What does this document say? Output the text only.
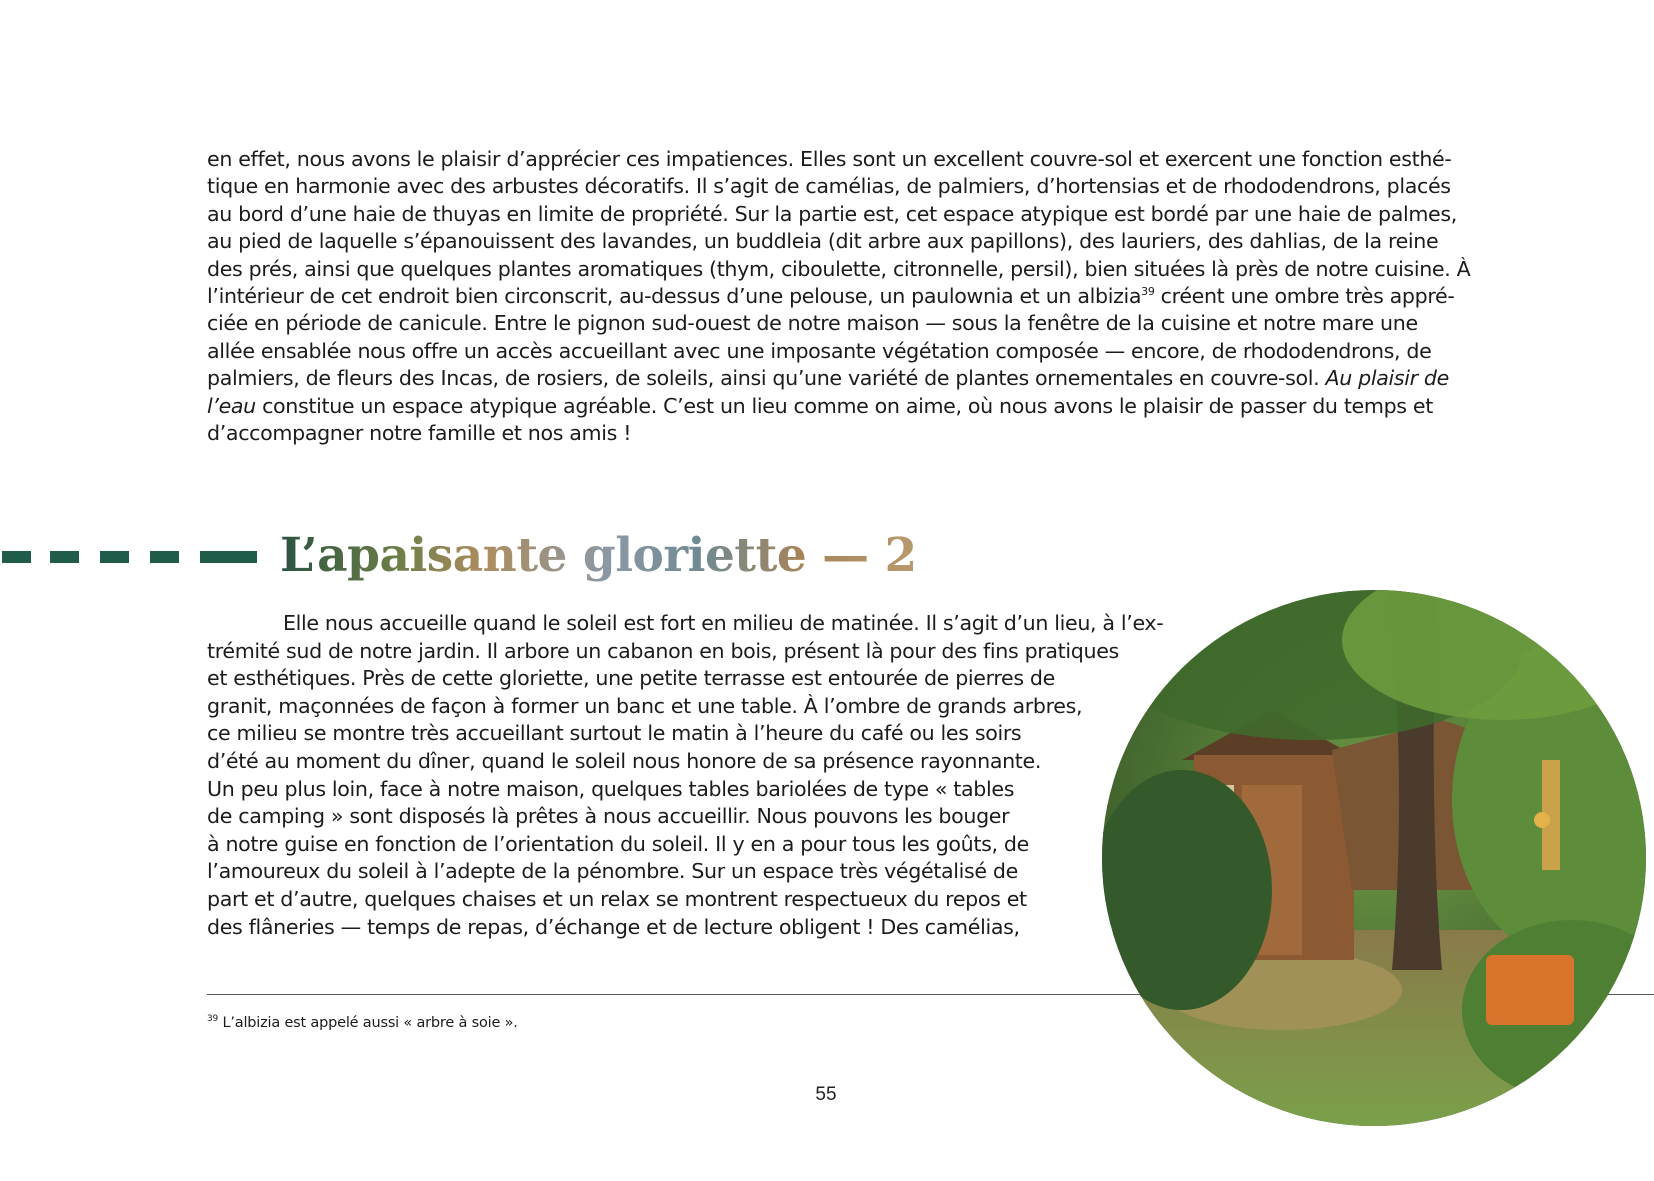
en effet, nous avons le plaisir d’apprécier ces impatiences. Elles sont un excellent couvre-sol et exercent une fonction esthé-
tique en harmonie avec des arbustes décoratifs. Il s’agit de camélias, de palmiers, d’hortensias et de rhododendrons, placés
au bord d’une haie de thuyas en limite de propriété. Sur la partie est, cet espace atypique est bordé par une haie de palmes,
au pied de laquelle s’épanouissent des lavandes, un buddleia (dit arbre aux papillons), des lauriers, des dahlias, de la reine
des prés, ainsi que quelques plantes aromatiques (thym, ciboulette, citronnelle, persil), bien situées là près de notre cuisine. À
l’intérieur de cet endroit bien circonscrit, au-dessus d’une pelouse, un paulownia et un albizia$^{39}$ créent une ombre très appré-
ciée en période de canicule. Entre le pignon sud-ouest de notre maison — sous la fenêtre de la cuisine et notre mare une
allée ensablée nous offre un accès accueillant avec une imposante végétation composée — encore, de rhododendrons, de
palmiers, de fleurs des Incas, de rosiers, de soleils, ainsi qu’une variété de plantes ornementales en couvre-sol. Au plaisir de
l’eau constitue un espace atypique agréable. C’est un lieu comme on aime, où nous avons le plaisir de passer du temps et
d’accompagner notre famille et nos amis !

L’apaisante gloriette — 2

Elle nous accueille quand le soleil est fort en milieu de matinée. Il s’agit d’un lieu, à l’ex-
trémité sud de notre jardin. Il arbore un cabanon en bois, présent là pour des fins pratiques
et esthétiques. Près de cette gloriette, une petite terrasse est entourée de pierres de
granit, maçonnées de façon à former un banc et une table. À l’ombre de grands arbres,
ce milieu se montre très accueillant surtout le matin à l’heure du café ou les soirs
d’été au moment du dîner, quand le soleil nous honore de sa présence rayonnante.
Un peu plus loin, face à notre maison, quelques tables bariolées de type « tables
de camping » sont disposés là prêtes à nous accueillir. Nous pouvons les bouger
à notre guise en fonction de l’orientation du soleil. Il y en a pour tous les goûts, de
l’amoureux du soleil à l’adepte de la pénombre. Sur un espace très végétalisé de
part et d’autre, quelques chaises et un relax se montrent respectueux du repos et
des flâneries — temps de repas, d’échange et de lecture obligent ! Des camélias,

$^{39}$ L’albizia est appelé aussi « arbre à soie ».

55
